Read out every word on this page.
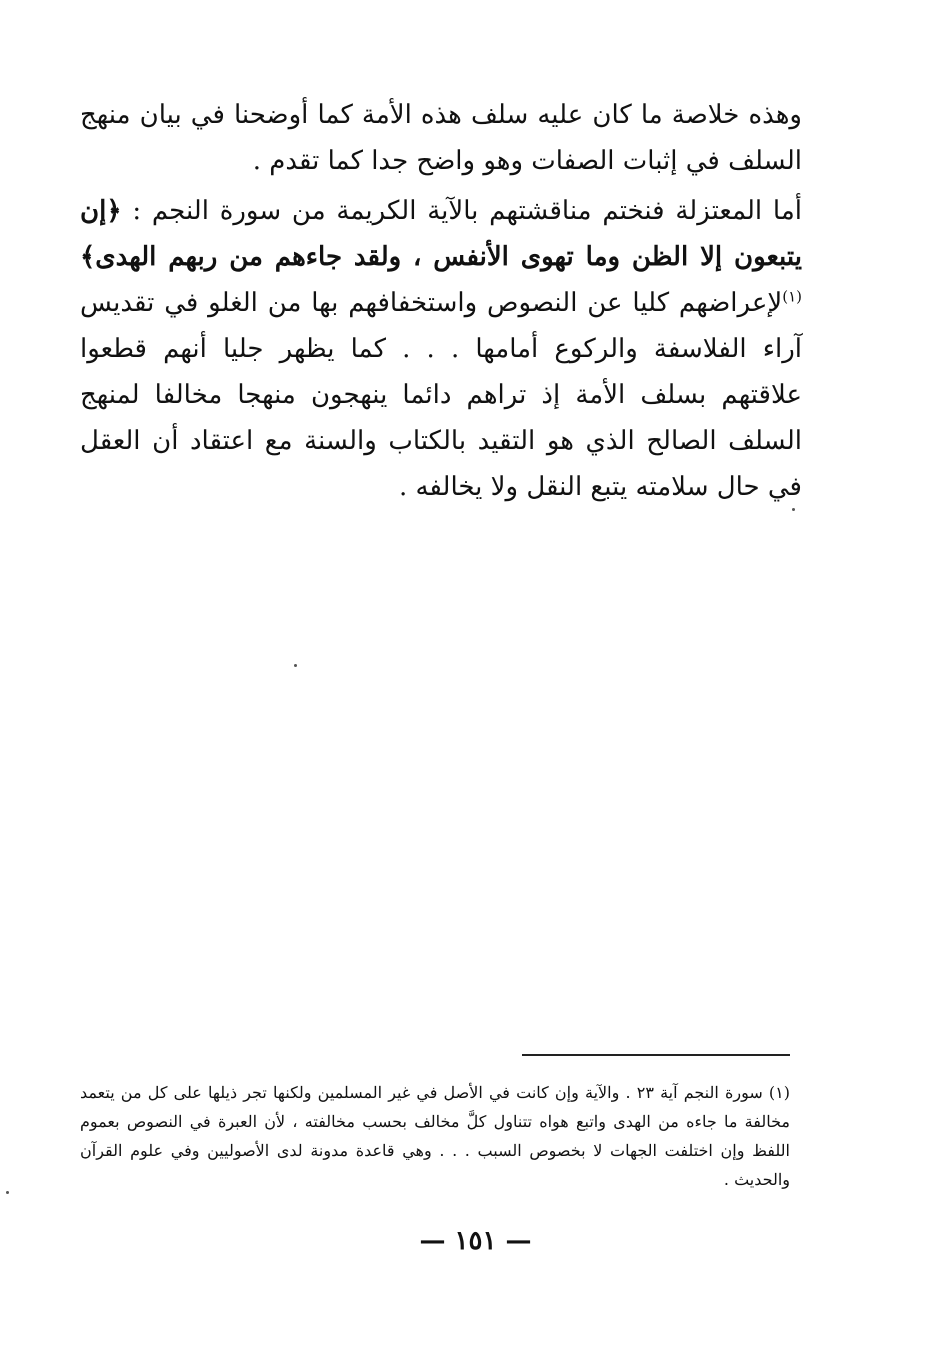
وهذه خلاصة ما كان عليه سلف هذه الأمة كما أوضحنا في بيان منهج السلف في إثبات الصفات وهو واضح جدا كما تقدم .

أما المعتزلة فنختم مناقشتهم بالآية الكريمة من سورة النجم : ﴿إن يتبعون إلا الظن وما تهوى الأنفس ، ولقد جاءهم من ربهم الهدى﴾$^{(١)}$لإعراضهم كليا عن النصوص واستخفافهم بها من الغلو في تقديس آراء الفلاسفة والركوع أمامها . . . كما يظهر جليا أنهم قطعوا علاقتهم بسلف الأمة إذ تراهم دائما ينهجون منهجا مخالفا لمنهج السلف الصالح الذي هو التقيد بالكتاب والسنة مع اعتقاد أن العقل في حال سلامته يتبع النقل ولا يخالفه .

(١) سورة النجم آية ٢٣ . والآية وإن كانت في الأصل في غير المسلمين ولكنها تجر ذيلها على كل من يتعمد مخالفة ما جاءه من الهدى واتبع هواه تتناول كلَّ مخالف بحسب مخالفته ، لأن العبرة في النصوص بعموم اللفظ وإن اختلفت الجهات لا بخصوص السبب . . . وهي قاعدة مدونة لدى الأصوليين وفي علوم القرآن والحديث .

— ١٥١ —
